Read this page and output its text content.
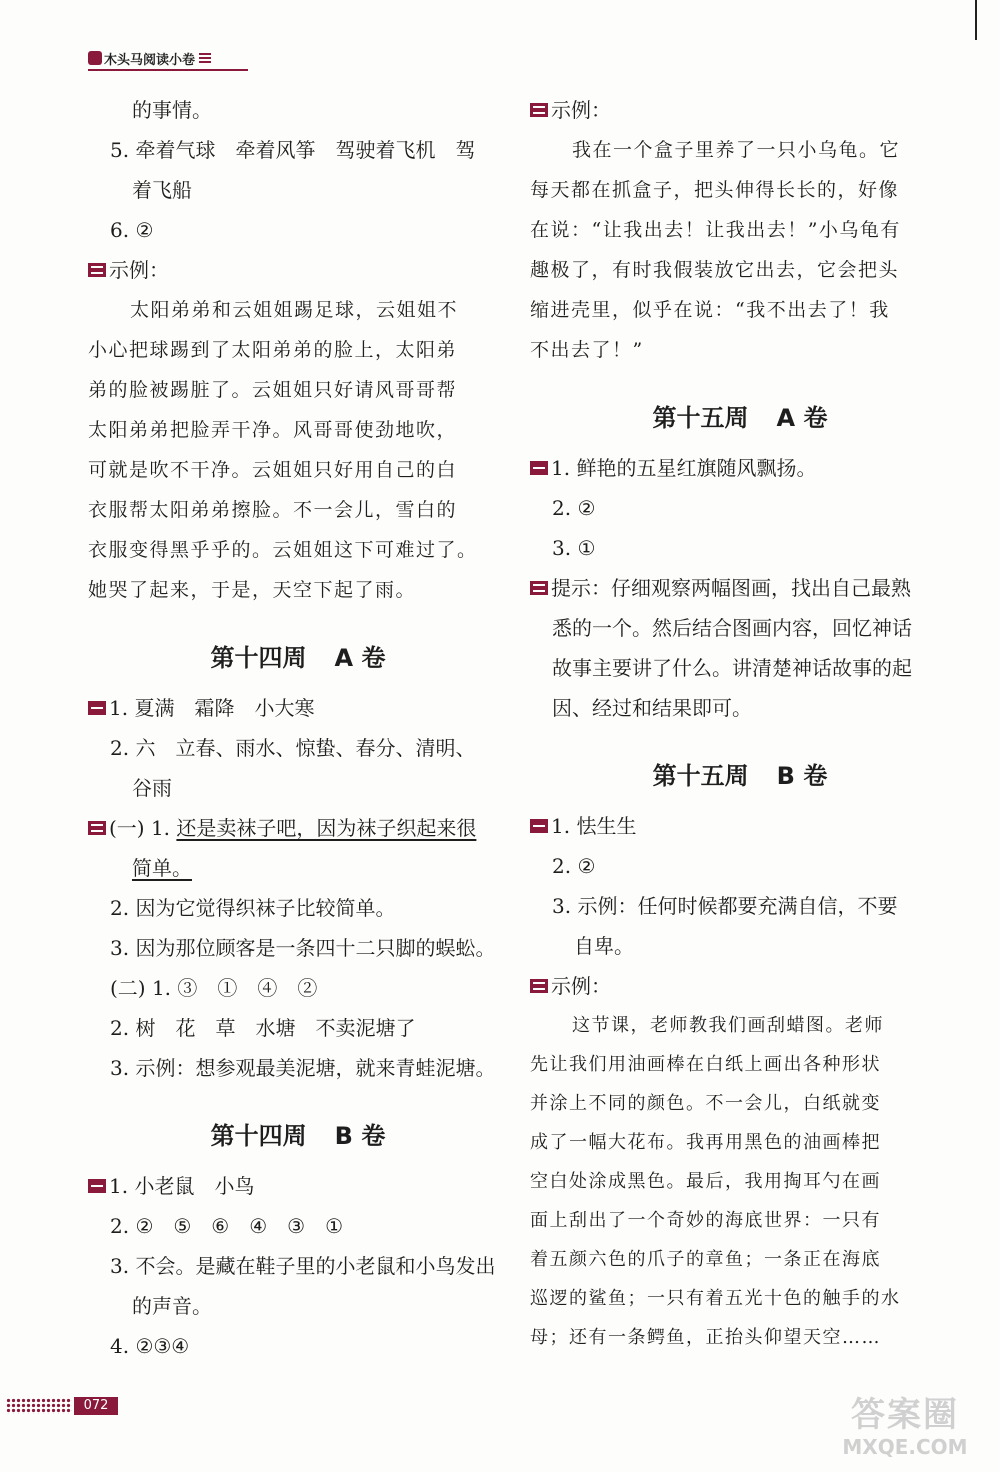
木头马阅读小卷
的事情。
5. 牵着气球　牵着风筝　驾驶着飞机　驾
着飞船
6. ②
示例：
太阳弟弟和云姐姐踢足球，云姐姐不
小心把球踢到了太阳弟弟的脸上，太阳弟
弟的脸被踢脏了。云姐姐只好请风哥哥帮
太阳弟弟把脸弄干净。风哥哥使劲地吹，
可就是吹不干净。云姐姐只好用自己的白
衣服帮太阳弟弟擦脸。不一会儿，雪白的
衣服变得黑乎乎的。云姐姐这下可难过了。
她哭了起来，于是，天空下起了雨。
第十四周 A 卷
1. 夏满　霜降　小大寒
2. 六　立春、雨水、惊蛰、春分、清明、
谷雨
(一) 1. 还是卖袜子吧，因为袜子织起来很
简单。
2. 因为它觉得织袜子比较简单。
3. 因为那位顾客是一条四十二只脚的蜈蚣。
(二) 1. ③　①　④　②
2. 树　花　草　水塘　不卖泥塘了
3. 示例：想参观最美泥塘，就来青蛙泥塘。
第十四周 B 卷
1. 小老鼠　小鸟
2. ②　⑤　⑥　④　③　①
3. 不会。是藏在鞋子里的小老鼠和小鸟发出
的声音。
4. ②③④
示例：
我在一个盒子里养了一只小乌龟。它
每天都在抓盒子，把头伸得长长的，好像
在说：“让我出去！让我出去！”小乌龟有
趣极了，有时我假装放它出去，它会把头
缩进壳里，似乎在说：“我不出去了！我
不出去了！”
第十五周 A 卷
1. 鲜艳的五星红旗随风飘扬。
2. ②
3. ①
提示：仔细观察两幅图画，找出自己最熟
悉的一个。然后结合图画内容，回忆神话
故事主要讲了什么。讲清楚神话故事的起
因、经过和结果即可。
第十五周 B 卷
1. 怯生生
2. ②
3. 示例：任何时候都要充满自信，不要
自卑。
示例：
这节课，老师教我们画刮蜡图。老师
先让我们用油画棒在白纸上画出各种形状
并涂上不同的颜色。不一会儿，白纸就变
成了一幅大花布。我再用黑色的油画棒把
空白处涂成黑色。最后，我用掏耳勺在画
面上刮出了一个奇妙的海底世界：一只有
着五颜六色的爪子的章鱼；一条正在海底
巡逻的鲨鱼；一只有着五光十色的触手的水
母；还有一条鳄鱼，正抬头仰望天空……
072	答案圈
MXQE.COM
